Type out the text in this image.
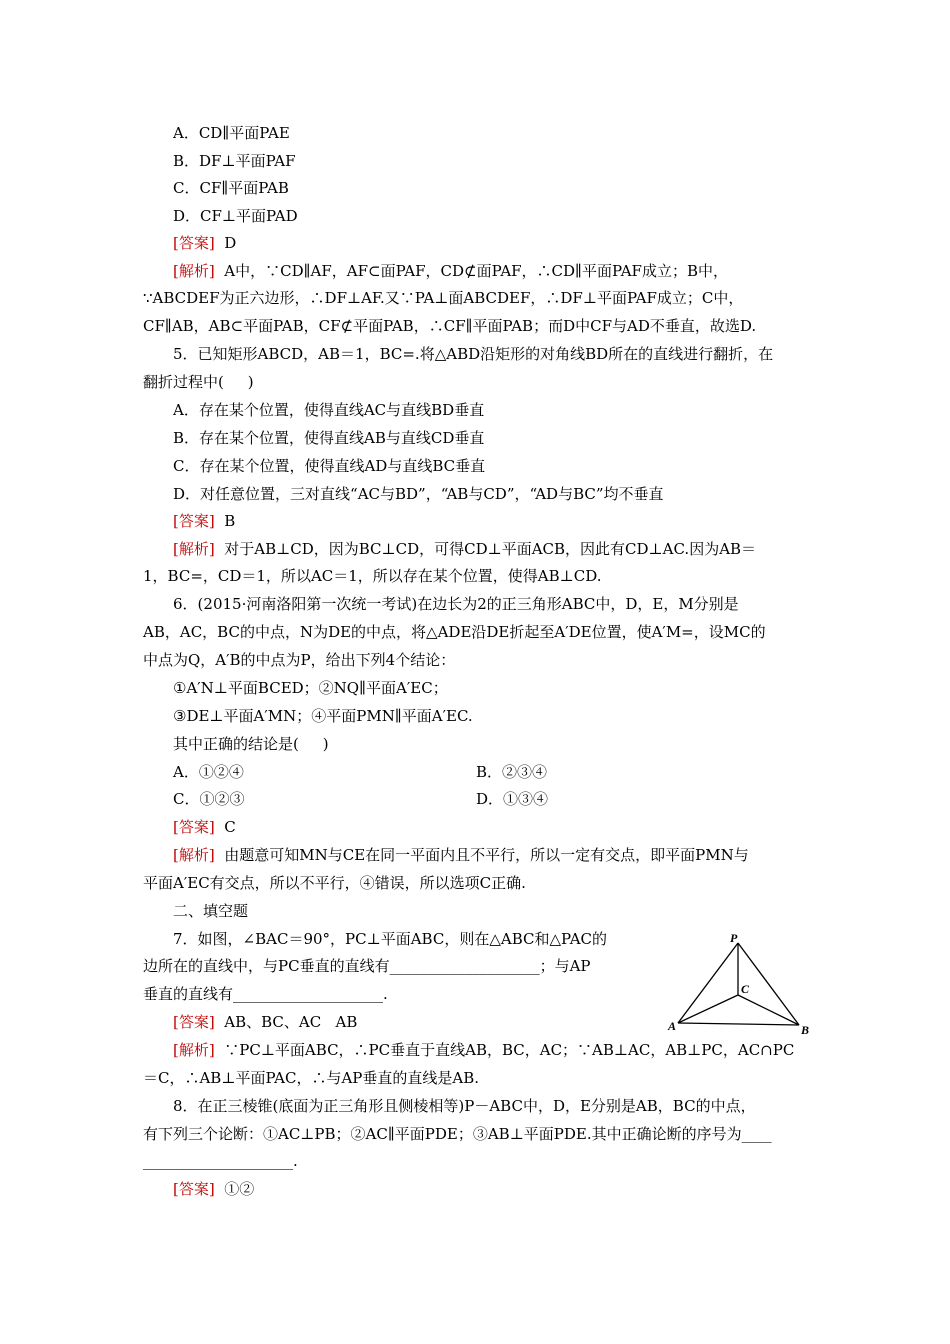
A．CD∥平面PAE
B．DF⊥平面PAF
C．CF∥平面PAB
D．CF⊥平面PAD
[答案]  D
[解析]  A中，∵CD∥AF，AF⊂面PAF，CD⊄面PAF，∴CD∥平面PAF成立；B中，
∵ABCDEF为正六边形，∴DF⊥AF.又∵PA⊥面ABCDEF，∴DF⊥平面PAF成立；C中，
CF∥AB，AB⊂平面PAB，CF⊄平面PAB，∴CF∥平面PAB；而D中CF与AD不垂直，故选D.
5．已知矩形ABCD，AB＝1，BC=.将△ABD沿矩形的对角线BD所在的直线进行翻折，在
翻折过程中(     )
A．存在某个位置，使得直线AC与直线BD垂直
B．存在某个位置，使得直线AB与直线CD垂直
C．存在某个位置，使得直线AD与直线BC垂直
D．对任意位置，三对直线“AC与BD”，“AB与CD”，“AD与BC”均不垂直
[答案]  B
[解析]  对于AB⊥CD，因为BC⊥CD，可得CD⊥平面ACB，因此有CD⊥AC.因为AB＝
1，BC=，CD＝1，所以AC＝1，所以存在某个位置，使得AB⊥CD.
6．(2015·河南洛阳第一次统一考试)在边长为2的正三角形ABC中，D，E，M分别是
AB，AC，BC的中点，N为DE的中点，将△ADE沿DE折起至A′DE位置，使A′M=，设MC的
中点为Q，A′B的中点为P，给出下列4个结论：
①A′N⊥平面BCED；②NQ∥平面A′EC；
③DE⊥平面A′MN；④平面PMN∥平面A′EC.
其中正确的结论是(     )
A．①②④	B．②③④
C．①②③	D．①③④
[答案]  C
[解析]  由题意可知MN与CE在同一平面内且不平行，所以一定有交点，即平面PMN与
平面A′EC有交点，所以不平行，④错误，所以选项C正确.
二、填空题
7．如图，∠BAC＝90°，PC⊥平面ABC，则在△ABC和△PAC的
边所在的直线中，与PC垂直的直线有____________________；与AP
垂直的直线有____________________.
[答案]  AB、BC、AC   AB
[解析]  ∵PC⊥平面ABC，∴PC垂直于直线AB，BC，AC；∵AB⊥AC，AB⊥PC，AC∩PC
＝C，∴AB⊥平面PAC，∴与AP垂直的直线是AB.
P
C
A	B
8．在正三棱锥(底面为正三角形且侧棱相等)P－ABC中，D，E分别是AB，BC的中点，
有下列三个论断：①AC⊥PB；②AC∥平面PDE；③AB⊥平面PDE.其中正确论断的序号为____
____________________.
[答案]  ①②
